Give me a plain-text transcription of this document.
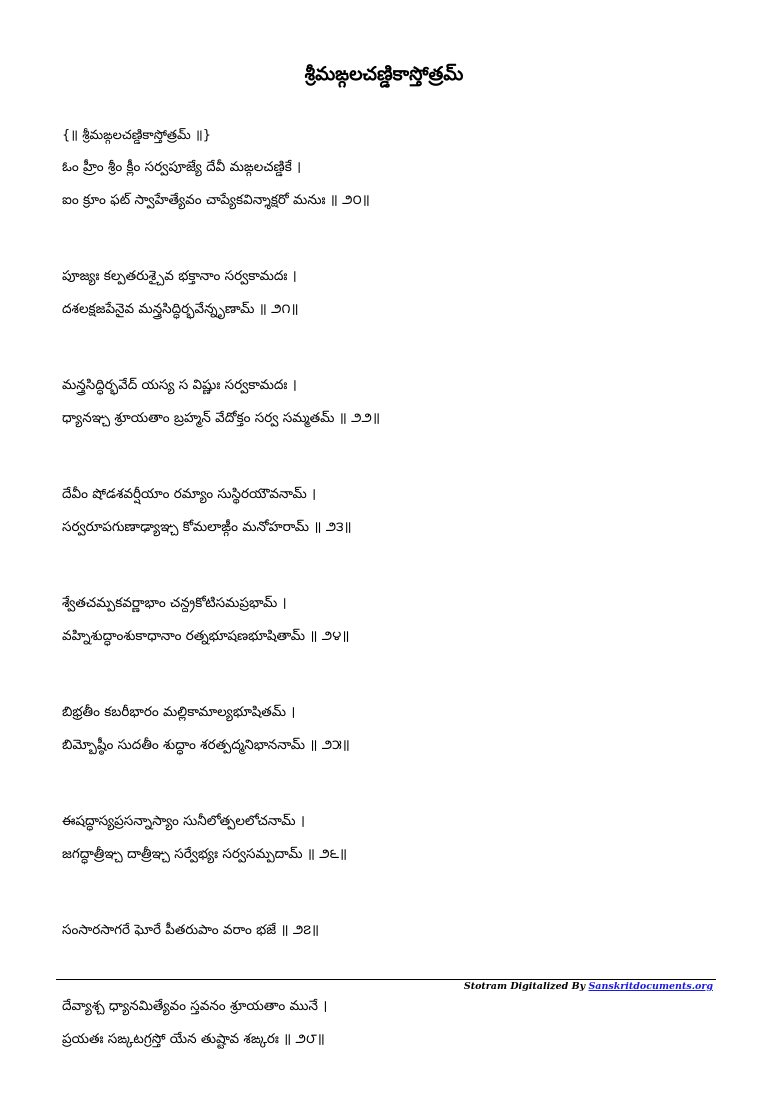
శ్రీమఙ్గలచణ్డికాస్తోత్రమ్
{॥ శ్రీమఙ్గలచణ్డికాస్తోత్రమ్ ॥}
ఓం హ్రీం శ్రీం క్లీం సర్వపూజ్యే దేవీ మఙ్గలచణ్డికే ।
ఐం క్రూం ఫట్ స్వాహేత్యేవం చాప్యేకవిన్శాక్షరో మనుః ॥ ౨౦॥
పూజ్యః కల్పతరుశ్చైవ భక్తానాం సర్వకామదః ।
దశలక్షజపేనైవ మన్త్రసిద్ధిర్భవేన్నృణామ్ ॥ ౨౧॥
మన్త్రసిద్ధిర్భవేద్ యస్య స విష్ణుః సర్వకామదః ।
ధ్యానఞ్చ శ్రూయతాం బ్రహ్మన్ వేదోక్తం సర్వ సమ్మతమ్ ॥ ౨౨॥
దేవీం షోడశవర్షీయాం రమ్యాం సుస్థిరయౌవనామ్ ।
సర్వరూపగుణాఢ్యాఞ్చ కోమలాఙ్గీం మనోహరామ్ ॥ ౨౩॥
శ్వేతచమ్పకవర్ణాభాం చన్ద్రకోటిసమప్రభామ్ ।
వహ్నిశుద్ధాంశుకాధానాం రత్నభూషణభూషితామ్ ॥ ౨౪॥
బిభ్రతీం కబరీభారం మల్లికామాల్యభూషితమ్ ।
బిమ్బోష్ఠీం సుదతీం శుద్ధాం శరత్పద్మనిభాననామ్ ॥ ౨౫॥
ఈషద్ధాస్యప్రసన్నాస్యాం సునీలోత్పలలోచనామ్ ।
జగద్ధాత్రీఞ్చ దాత్రీఞ్చ సర్వేభ్యః సర్వసమ్పదామ్ ॥ ౨౬॥
సంసారసాగరే ఘోరే పీతరుపాం వరాం భజే ॥ ౨౭॥
దేవ్యాశ్చ ధ్యానమిత్యేవం స్తవనం శ్రూయతాం మునే ।
ప్రయతః సఙ్కటగ్రస్తో యేన తుష్టావ శఙ్కరః ॥ ౨౮॥
Stotram Digitalized By Sanskritdocuments.org
